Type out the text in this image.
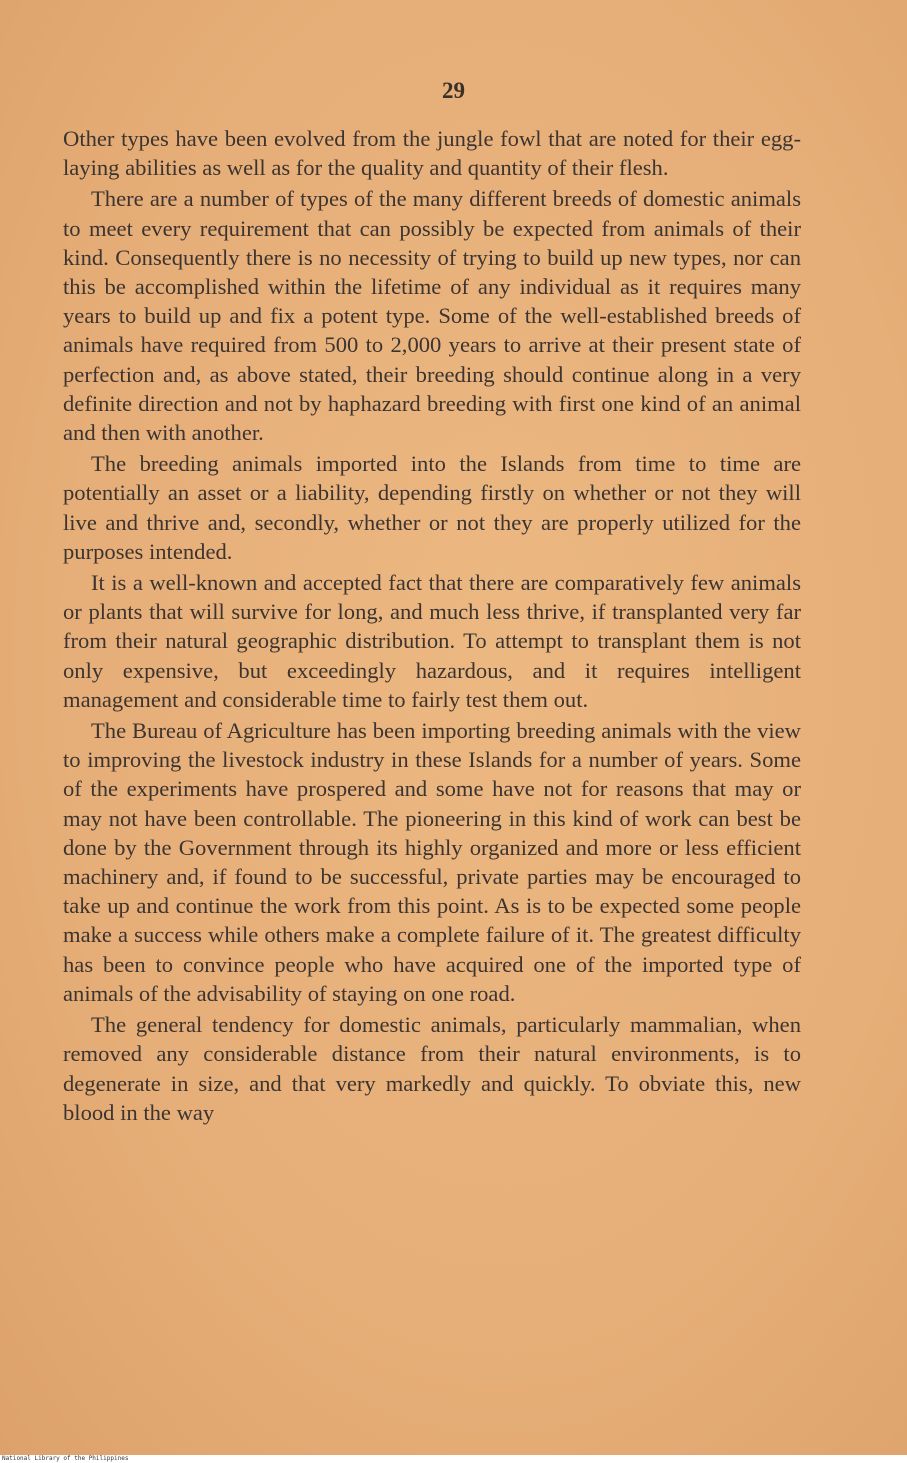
29

Other types have been evolved from the jungle fowl that are noted for their egg-laying abilities as well as for the quality and quantity of their flesh.

There are a number of types of the many different breeds of domestic animals to meet every requirement that can possibly be expected from animals of their kind. Consequently there is no necessity of trying to build up new types, nor can this be accomplished within the lifetime of any individual as it requires many years to build up and fix a potent type. Some of the well-established breeds of animals have required from 500 to 2,000 years to arrive at their present state of perfection and, as above stated, their breeding should continue along in a very definite direction and not by haphazard breeding with first one kind of an animal and then with another.

The breeding animals imported into the Islands from time to time are potentially an asset or a liability, depending firstly on whether or not they will live and thrive and, secondly, whether or not they are properly utilized for the purposes intended.

It is a well-known and accepted fact that there are comparatively few animals or plants that will survive for long, and much less thrive, if transplanted very far from their natural geographic distribution. To attempt to transplant them is not only expensive, but exceedingly hazardous, and it requires intelligent management and considerable time to fairly test them out.

The Bureau of Agriculture has been importing breeding animals with the view to improving the livestock industry in these Islands for a number of years. Some of the experiments have prospered and some have not for reasons that may or may not have been controllable. The pioneering in this kind of work can best be done by the Government through its highly organized and more or less efficient machinery and, if found to be successful, private parties may be encouraged to take up and continue the work from this point. As is to be expected some people make a success while others make a complete failure of it. The greatest difficulty has been to convince people who have acquired one of the imported type of animals of the advisability of staying on one road.

The general tendency for domestic animals, particularly mammalian, when removed any considerable distance from their natural environments, is to degenerate in size, and that very markedly and quickly. To obviate this, new blood in the way

National Library of the Philippines
